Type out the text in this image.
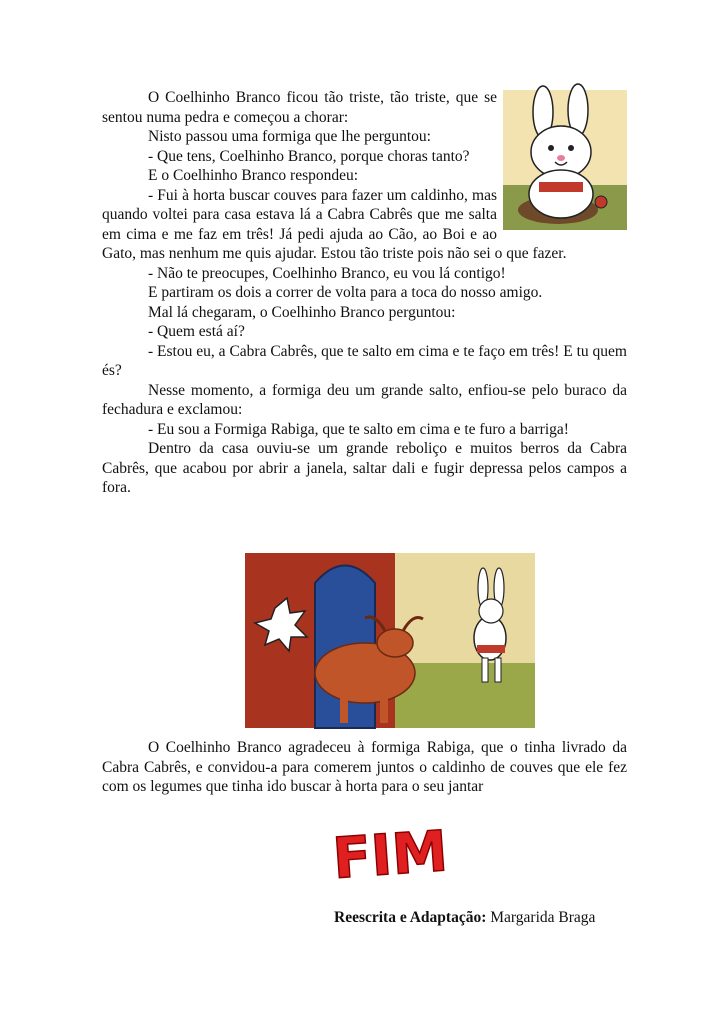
O Coelhinho Branco ficou tão triste, tão triste, que se sentou numa pedra e começou a chorar:

Nisto passou uma formiga que lhe perguntou:

- Que tens, Coelhinho Branco, porque choras tanto?

E o Coelhinho Branco respondeu:

- Fui à horta buscar couves para fazer um caldinho, mas quando voltei para casa estava lá a Cabra Cabrês que me salta em cima e me faz em três! Já pedi ajuda ao Cão, ao Boi e ao Gato, mas nenhum me quis ajudar. Estou tão triste pois não sei o que fazer.

- Não te preocupes, Coelhinho Branco, eu vou lá contigo!

E partiram os dois a correr de volta para a toca do nosso amigo.

Mal lá chegaram, o Coelhinho Branco perguntou:

- Quem está aí?

- Estou eu, a Cabra Cabrês, que te salto em cima e te faço em três! E tu quem és?

Nesse momento, a formiga deu um grande salto, enfiou-se pelo buraco da fechadura e exclamou:

- Eu sou a Formiga Rabiga, que te salto em cima e te furo a barriga!

Dentro da casa ouviu-se um grande reboliço e muitos berros da Cabra Cabrês, que acabou por abrir a janela, saltar dali e fugir depressa pelos campos a fora.

O Coelhinho Branco agradeceu à formiga Rabiga, que o tinha livrado da Cabra Cabrês, e convidou-a para comerem juntos o caldinho de couves que ele fez com os legumes que tinha ido buscar à horta para o seu jantar

FIM
Reescrita e Adaptação: Margarida Braga
